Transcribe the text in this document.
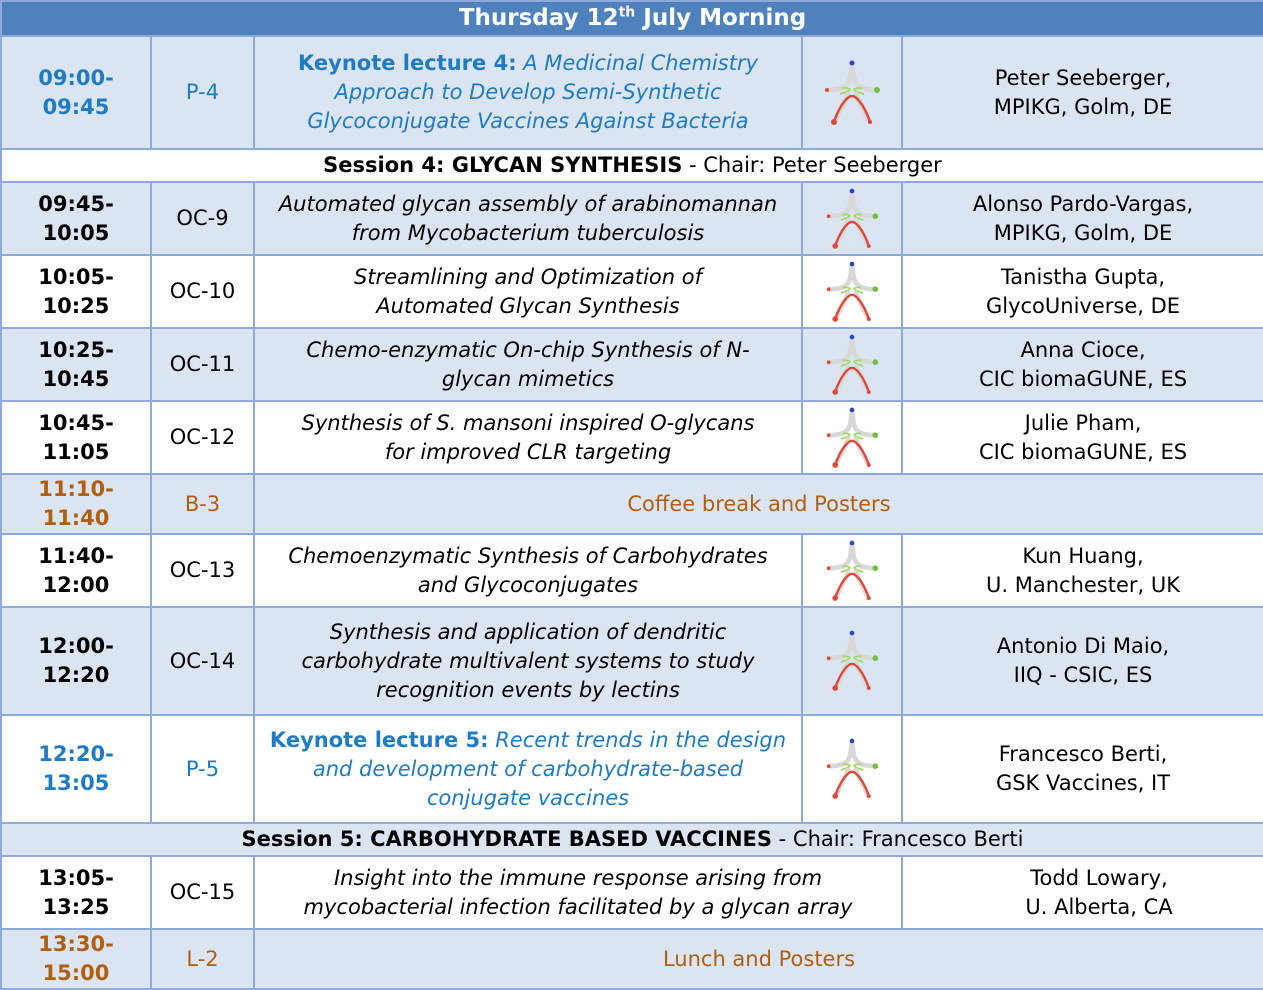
Thursday 12th July Morning				
09:00-09:45	P-4	Keynote lecture 4: A Medicinal Chemistry
Approach to Develop Semi-Synthetic
Glycoconjugate Vaccines Against Bacteria		Peter Seeberger,
MPIKG, Golm, DE

Session 4: GLYCAN SYNTHESIS - Chair: Peter Seeberger				
09:45-10:05	OC-9	Automated glycan assembly of arabinomannan
from Mycobacterium tuberculosis		Alonso Pardo-Vargas,
MPIKG, Golm, DE

10:05-10:25	OC-10	Streamlining and Optimization of
Automated Glycan Synthesis		Tanistha Gupta,
GlycoUniverse, DE

10:25-10:45	OC-11	Chemo-enzymatic On-chip Synthesis of N-
glycan mimetics		Anna Cioce,
CIC biomaGUNE, ES

10:45-11:05	OC-12	Synthesis of S. mansoni inspired O-glycans
for improved CLR targeting		Julie Pham,
CIC biomaGUNE, ES

11:10-11:40	B-3	Coffee break and Posters		
11:40-12:00	OC-13	Chemoenzymatic Synthesis of Carbohydrates
and Glycoconjugates		Kun Huang,
U. Manchester, UK

12:00-12:20	OC-14	Synthesis and application of dendritic
carbohydrate multivalent systems to study
recognition events by lectins		Antonio Di Maio,
IIQ - CSIC, ES

12:20-13:05	P-5	Keynote lecture 5: Recent trends in the design
and development of carbohydrate-based
conjugate vaccines		Francesco Berti,
GSK Vaccines, IT

Session 5: CARBOHYDRATE BASED VACCINES - Chair: Francesco Berti				
13:05-13:25	OC-15	Insight into the immune response arising from
mycobacterial infection facilitated by a glycan array		Todd Lowary,
U. Alberta, CA

13:30-15:00	L-2	Lunch and Posters		
